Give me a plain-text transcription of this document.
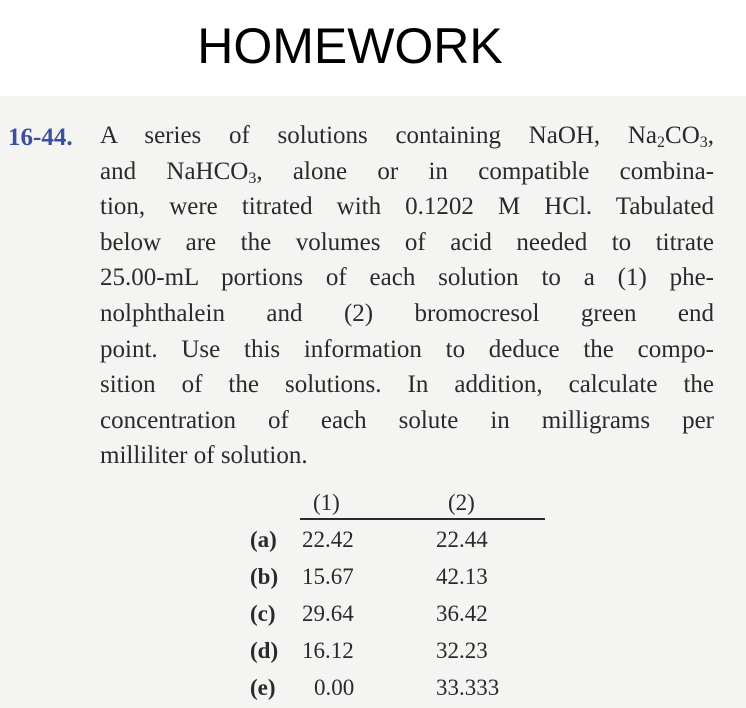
HOMEWORK
16-44. A series of solutions containing NaOH, $Na_2CO_3$,
and NaHCO$_3$, alone or in compatible combina-
tion, were titrated with 0.1202 M HCl. Tabulated
below are the volumes of acid needed to titrate
25.00-mL portions of each solution to a (1) phe-
nolphthalein and (2) bromocresol green end
point. Use this information to deduce the compo-
sition of the solutions. In addition, calculate the
concentration of each solute in milligrams per
milliliter of solution.
(1)	(2)
(a) 22.42	22.44
(b) 15.67	42.13
(c) 29.64	36.42
(d) 16.12	32.23
(e) 0.00	33.333
